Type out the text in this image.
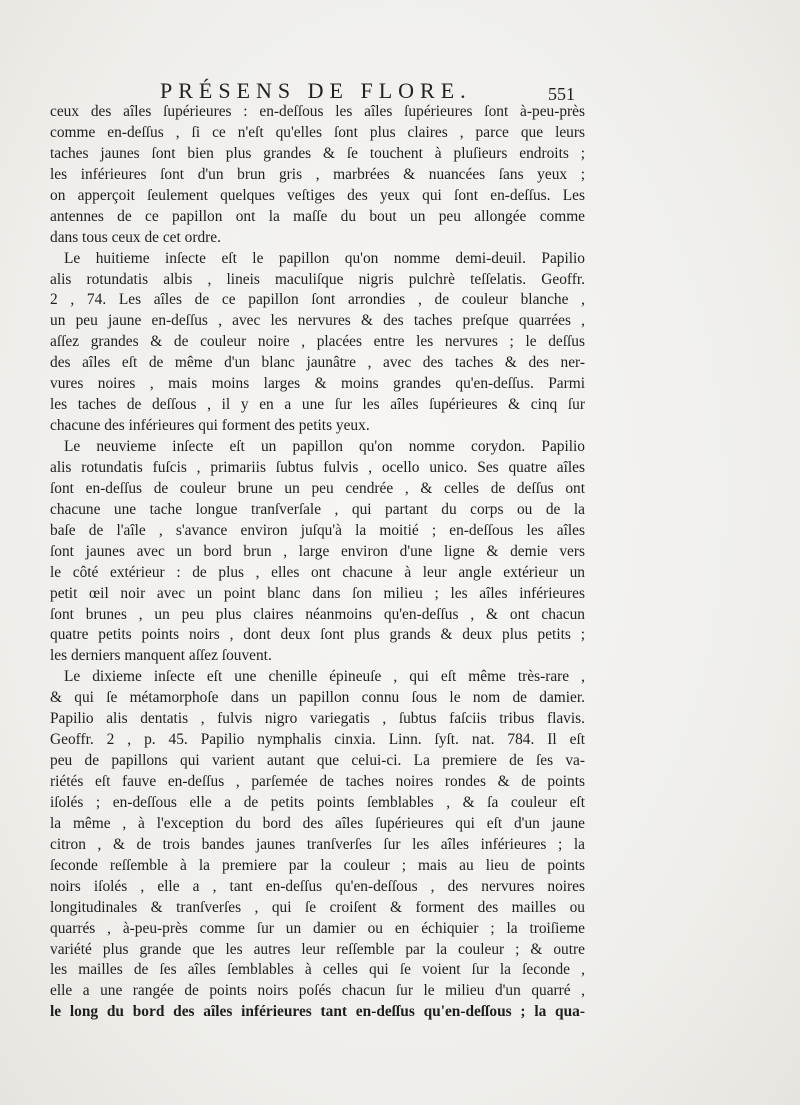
PRÉSENS DE FLORE.	551
ceux des aîles ſupérieures : en-deſſous les aîles ſupérieures ſont à-peu-près
comme en-deſſus , ſi ce n'eſt qu'elles ſont plus claires , parce que leurs
taches jaunes ſont bien plus grandes & ſe touchent à pluſieurs endroits ;
les inférieures ſont d'un brun gris , marbrées & nuancées ſans yeux ;
on apperçoit ſeulement quelques veſtiges des yeux qui ſont en-deſſus. Les
antennes de ce papillon ont la maſſe du bout un peu allongée comme
dans tous ceux de cet ordre.
Le huitieme inſecte eſt le papillon qu'on nomme demi-deuil. Papilio
alis rotundatis albis , lineis maculiſque nigris pulchrè teſſelatis. Geoffr.
2 , 74. Les aîles de ce papillon ſont arrondies , de couleur blanche ,
un peu jaune en-deſſus , avec les nervures & des taches preſque quarrées ,
aſſez grandes & de couleur noire , placées entre les nervures ; le deſſus
des aîles eſt de même d'un blanc jaunâtre , avec des taches & des ner-
vures noires , mais moins larges & moins grandes qu'en-deſſus. Parmi
les taches de deſſous , il y en a une ſur les aîles ſupérieures & cinq ſur
chacune des inférieures qui forment des petits yeux.
Le neuvieme inſecte eſt un papillon qu'on nomme corydon. Papilio
alis rotundatis fuſcis , primariis ſubtus fulvis , ocello unico. Ses quatre aîles
ſont en-deſſus de couleur brune un peu cendrée , & celles de deſſus ont
chacune une tache longue tranſverſale , qui partant du corps ou de la
baſe de l'aîle , s'avance environ juſqu'à la moitié ; en-deſſous les aîles
ſont jaunes avec un bord brun , large environ d'une ligne & demie vers
le côté extérieur : de plus , elles ont chacune à leur angle extérieur un
petit œil noir avec un point blanc dans ſon milieu ; les aîles inférieures
ſont brunes , un peu plus claires néanmoins qu'en-deſſus , & ont chacun
quatre petits points noirs , dont deux ſont plus grands & deux plus petits ;
les derniers manquent aſſez ſouvent.
Le dixieme inſecte eſt une chenille épineuſe , qui eſt même très-rare ,
& qui ſe métamorphoſe dans un papillon connu ſous le nom de damier.
Papilio alis dentatis , fulvis nigro variegatis , ſubtus faſciis tribus flavis.
Geoffr. 2 , p. 45. Papilio nymphalis cinxia. Linn. ſyſt. nat. 784. Il eſt
peu de papillons qui varient autant que celui-ci. La premiere de ſes va-
riétés eſt fauve en-deſſus , parſemée de taches noires rondes & de points
iſolés ; en-deſſous elle a de petits points ſemblables , & ſa couleur eſt
la même , à l'exception du bord des aîles ſupérieures qui eſt d'un jaune
citron , & de trois bandes jaunes tranſverſes ſur les aîles inférieures ; la
ſeconde reſſemble à la premiere par la couleur ; mais au lieu de points
noirs iſolés , elle a , tant en-deſſus qu'en-deſſous , des nervures noires
longitudinales & tranſverſes , qui ſe croiſent & forment des mailles ou
quarrés , à-peu-près comme ſur un damier ou en échiquier ; la troiſieme
variété plus grande que les autres leur reſſemble par la couleur ; & outre
les mailles de ſes aîles ſemblables à celles qui ſe voient ſur la ſeconde ,
elle a une rangée de points noirs poſés chacun ſur le milieu d'un quarré ,
le long du bord des aîles inférieures tant en-deſſus qu'en-deſſous ; la qua-
